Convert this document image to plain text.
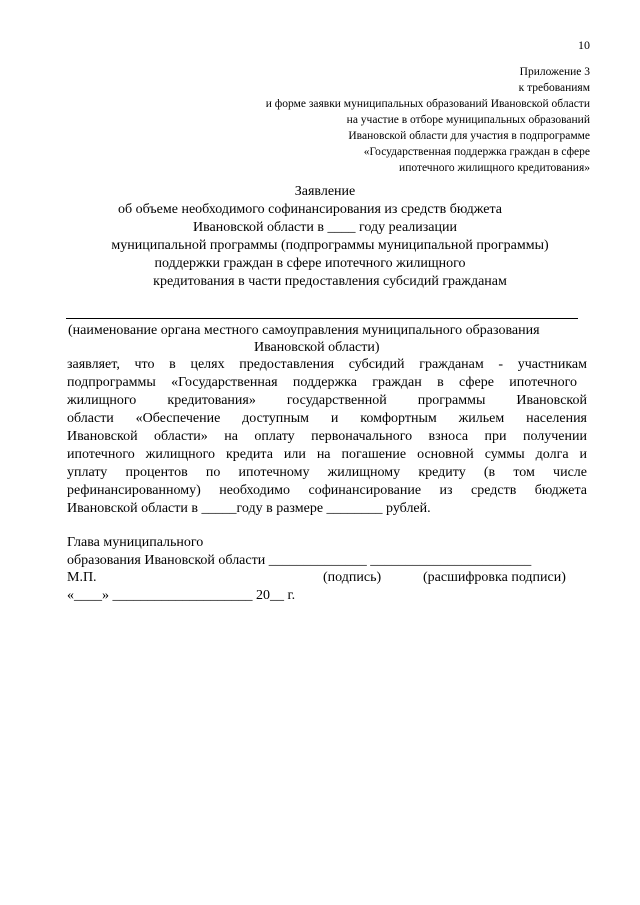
10
Приложение 3
к требованиям
и форме заявки муниципальных образований Ивановской области
на участие в отборе муниципальных образований
Ивановской области для участия в подпрограмме
«Государственная поддержка граждан в сфере
ипотечного жилищного кредитования»
Заявление
об объеме необходимого софинансирования из средств бюджета
Ивановской области в ____ году реализации
муниципальной программы (подпрограммы муниципальной программы)
поддержки граждан в сфере ипотечного жилищного
кредитования в части предоставления субсидий гражданам
(наименование органа местного самоуправления муниципального образования
Ивановской области)
заявляет, что в целях предоставления субсидий гражданам - участникам
подпрограммы «Государственная поддержка граждан в сфере ипотечного
жилищного кредитования» государственной программы Ивановской
области «Обеспечение доступным и комфортным жильем населения
Ивановской области» на оплату первоначального взноса при получении
ипотечного жилищного кредита или на погашение основной суммы долга и
уплату процентов по ипотечному жилищному кредиту (в том числе
рефинансированному) необходимо софинансирование из средств бюджета
Ивановской области в _____году в размере ________ рублей.
Глава муниципального
образования Ивановской области ______________ _______________________
М.П.	(подпись)	(расшифровка подписи)
«____» ____________________ 20__ г.
